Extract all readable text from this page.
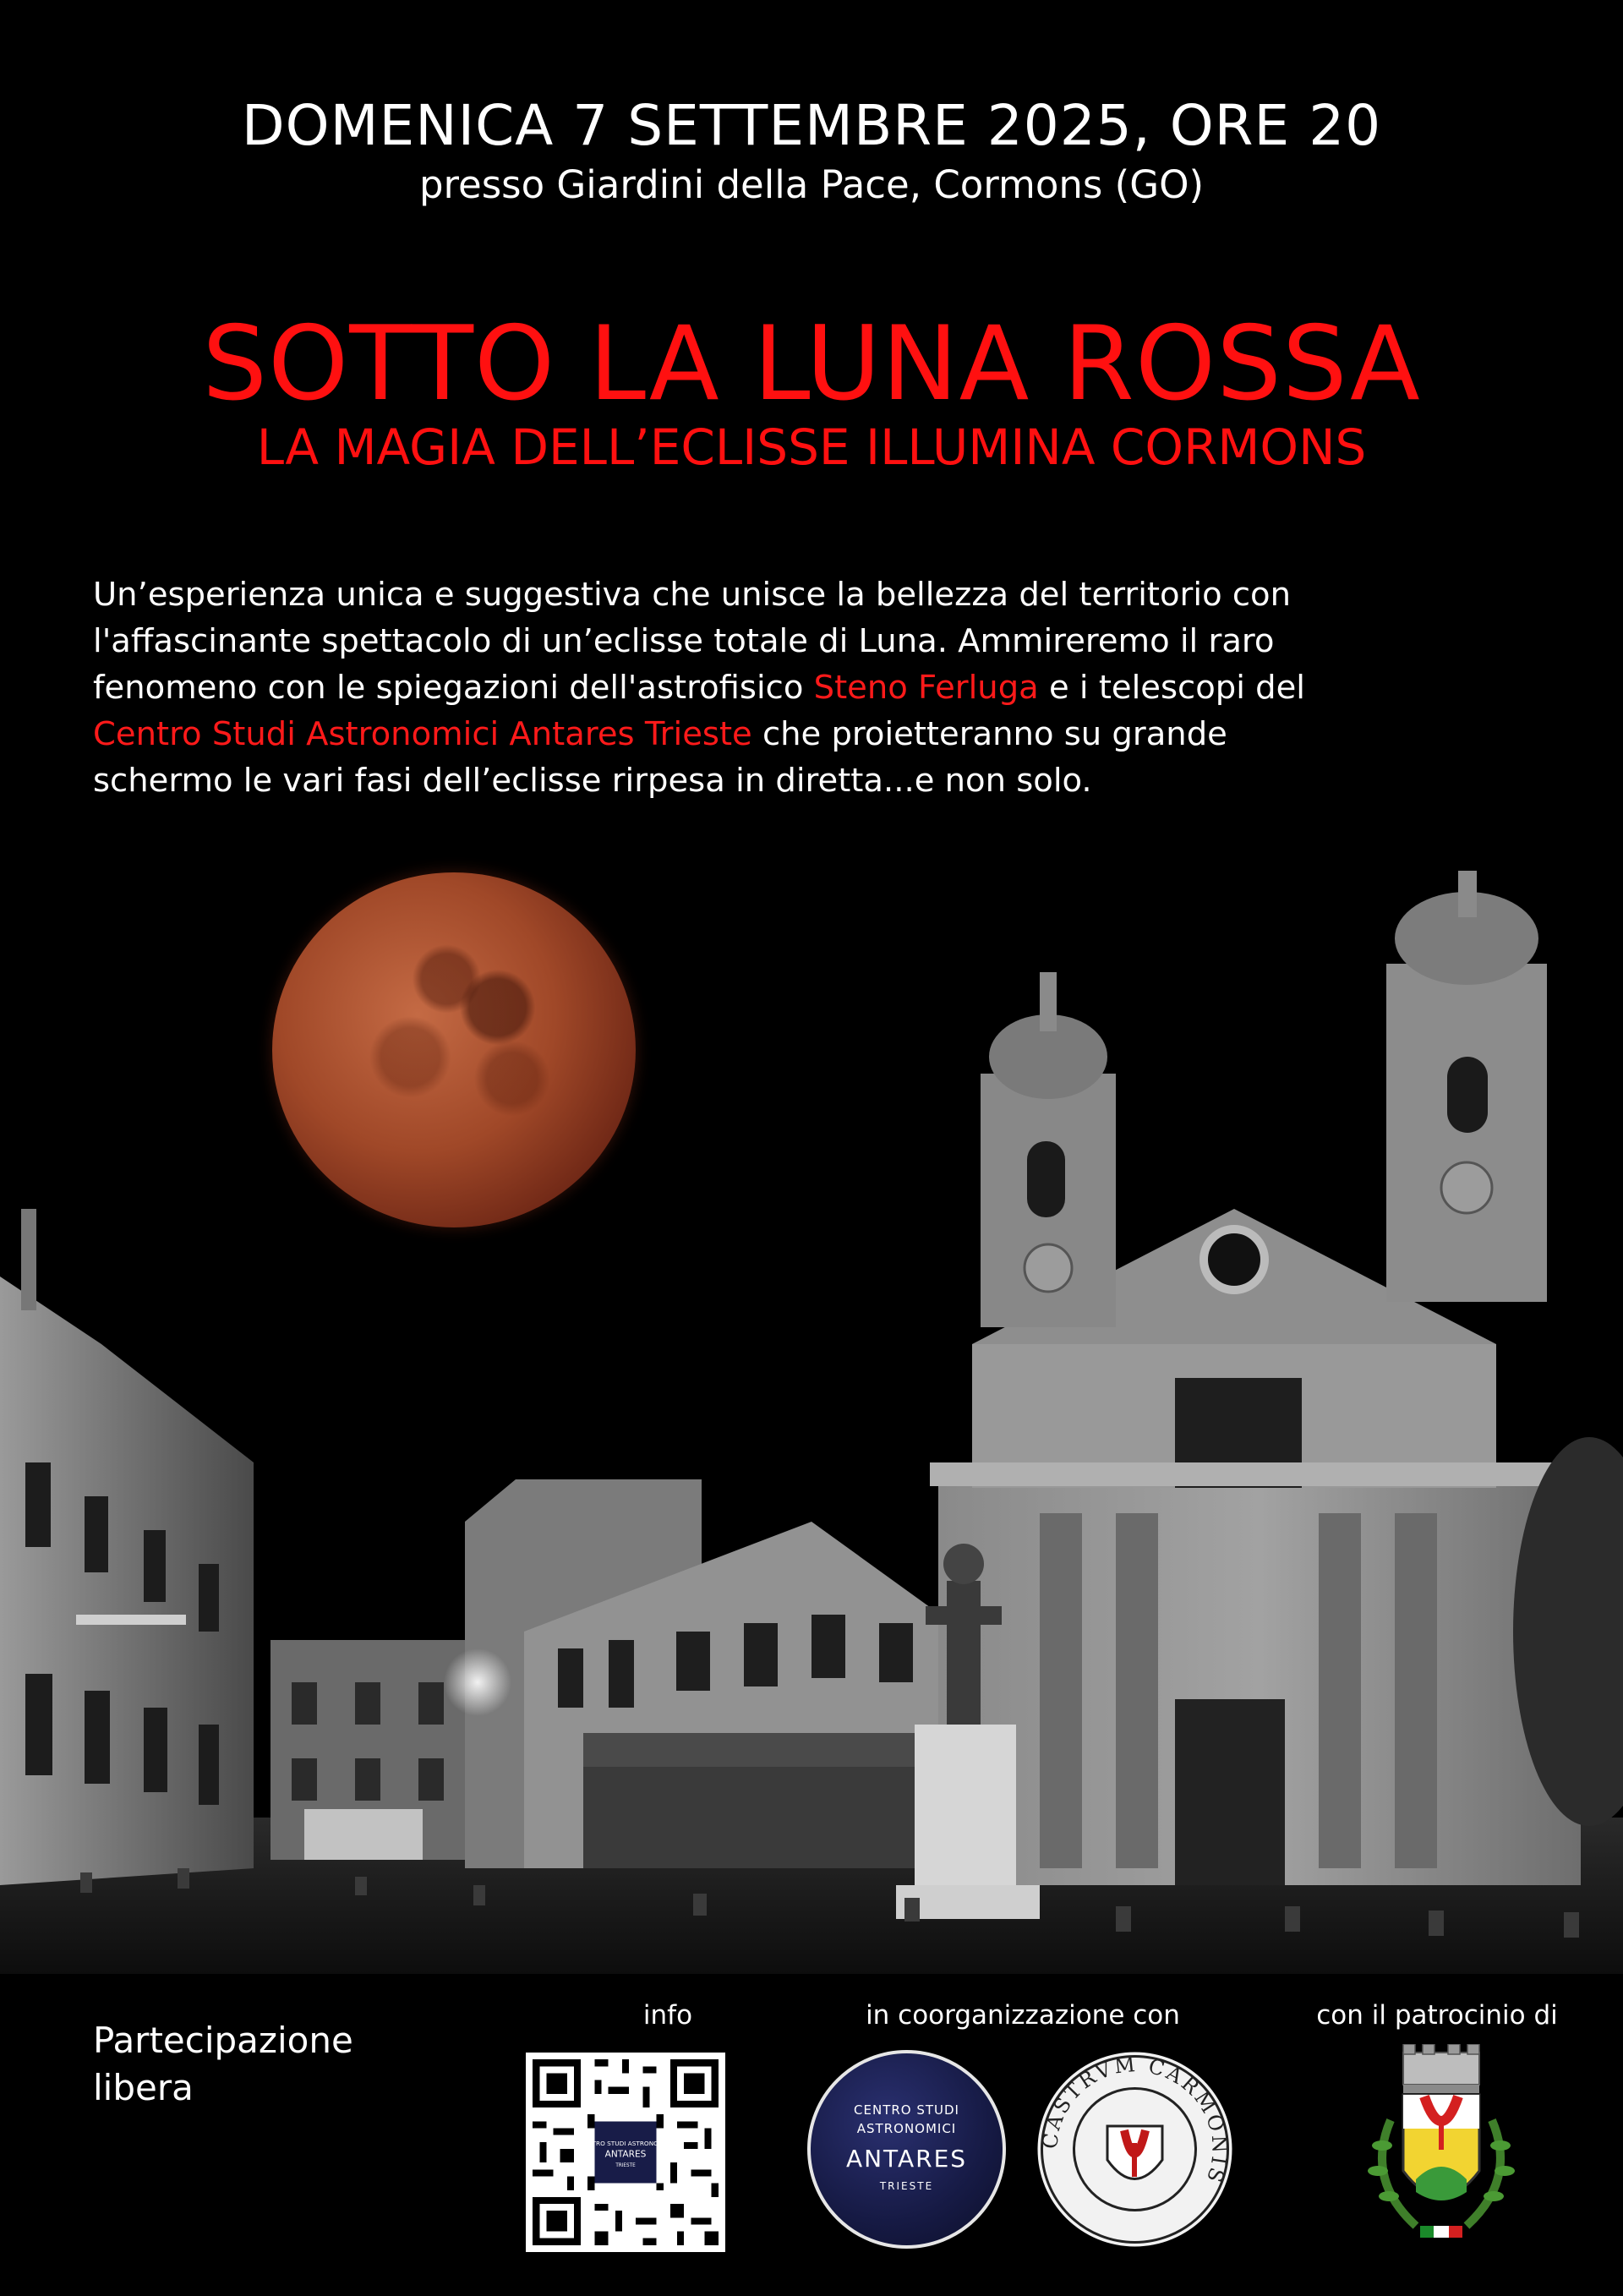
DOMENICA 7 SETTEMBRE 2025, ORE 20
presso Giardini della Pace, Cormons (GO)
SOTTO LA LUNA ROSSA
LA MAGIA DELL’ECLISSE ILLUMINA CORMONS
Un’esperienza unica e suggestiva che unisce la bellezza del territorio con
l'affascinante spettacolo di un’eclisse totale di Luna. Ammireremo il raro
fenomeno con le spiegazioni dell'astrofisico Steno Ferluga e i telescopi del
Centro Studi Astronomici Antares Trieste che proietteranno su grande
schermo le vari fasi dell’eclisse rirpesa in diretta...e non solo.
Partecipazione
libera
info	in coorganizzazione con	con il patrocinio di
ANTARES
CENTRO STUDI
ASTRONOMICI
ANTARES
TRIESTE
CASTRVM CARMONIS
